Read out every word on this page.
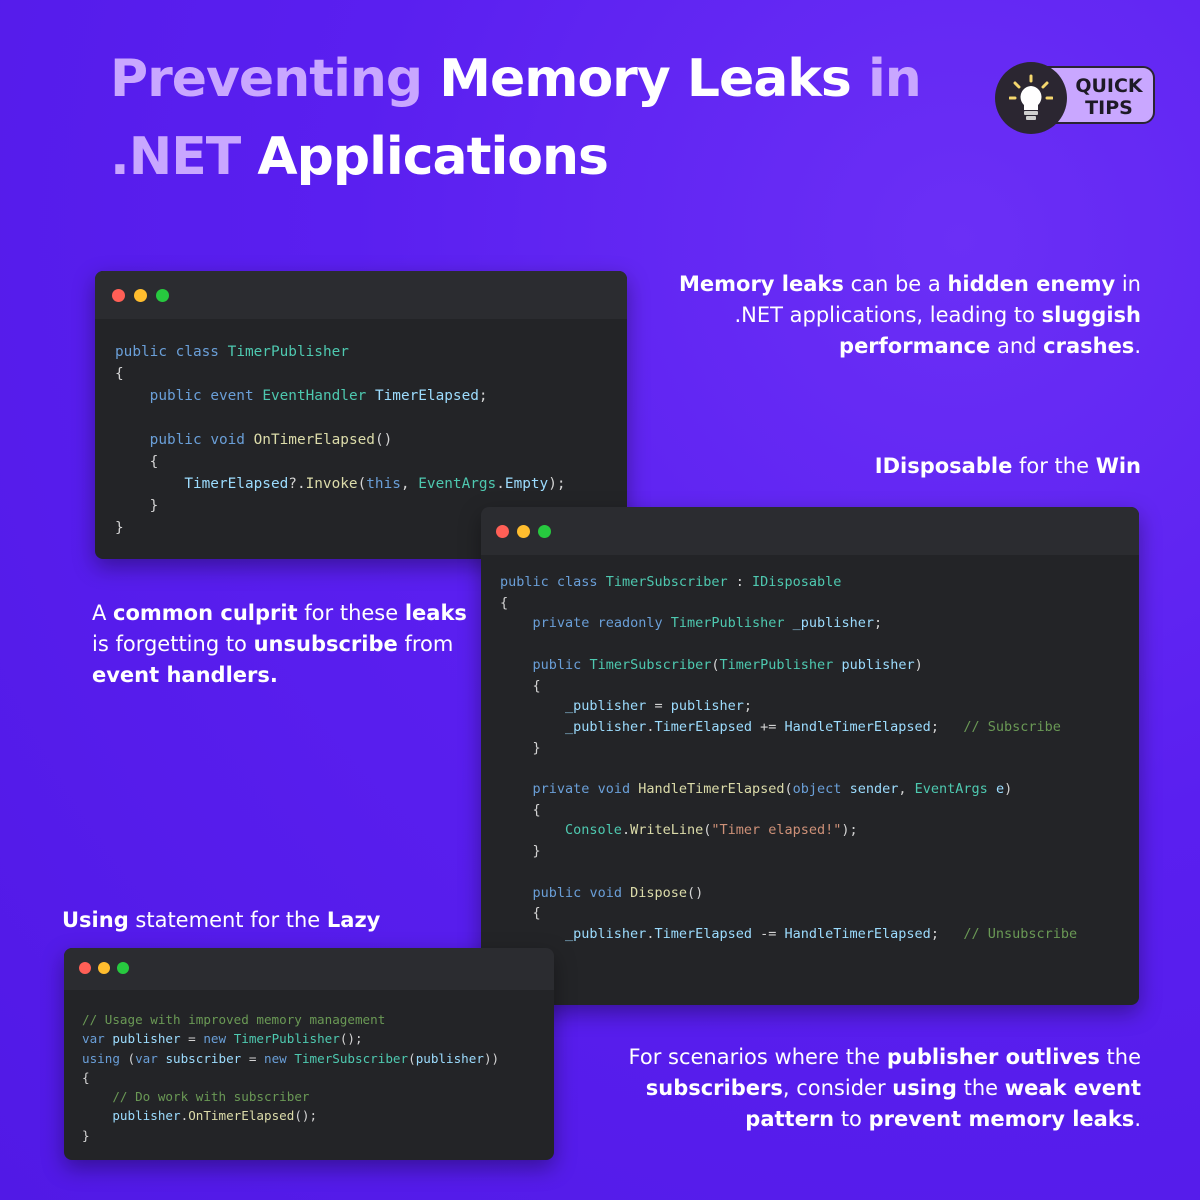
Preventing Memory Leaks in
.NET Applications
QUICK
TIPS
public class TimerPublisher
{
public event EventHandler TimerElapsed;

public void OnTimerElapsed()
{
TimerElapsed?.Invoke(this, EventArgs.Empty);
}
}
Memory leaks can be a hidden enemy in
.NET applications, leading to sluggish
performance and crashes.
IDisposable for the Win
A common culprit for these leaks
is forgetting to unsubscribe from
event handlers.
public class TimerSubscriber : IDisposable
{
private readonly TimerPublisher _publisher;

public TimerSubscriber(TimerPublisher publisher)
{
_publisher = publisher;
_publisher.TimerElapsed += HandleTimerElapsed;   // Subscribe
}

private void HandleTimerElapsed(object sender, EventArgs e)
{
Console.WriteLine("Timer elapsed!");
}

public void Dispose()
{
_publisher.TimerElapsed -= HandleTimerElapsed;   // Unsubscribe
Using statement for the Lazy
// Usage with improved memory management
var publisher = new TimerPublisher();
using (var subscriber = new TimerSubscriber(publisher))
{
// Do work with subscriber
publisher.OnTimerElapsed();
}
For scenarios where the publisher outlives the
subscribers, consider using the weak event
pattern to prevent memory leaks.
